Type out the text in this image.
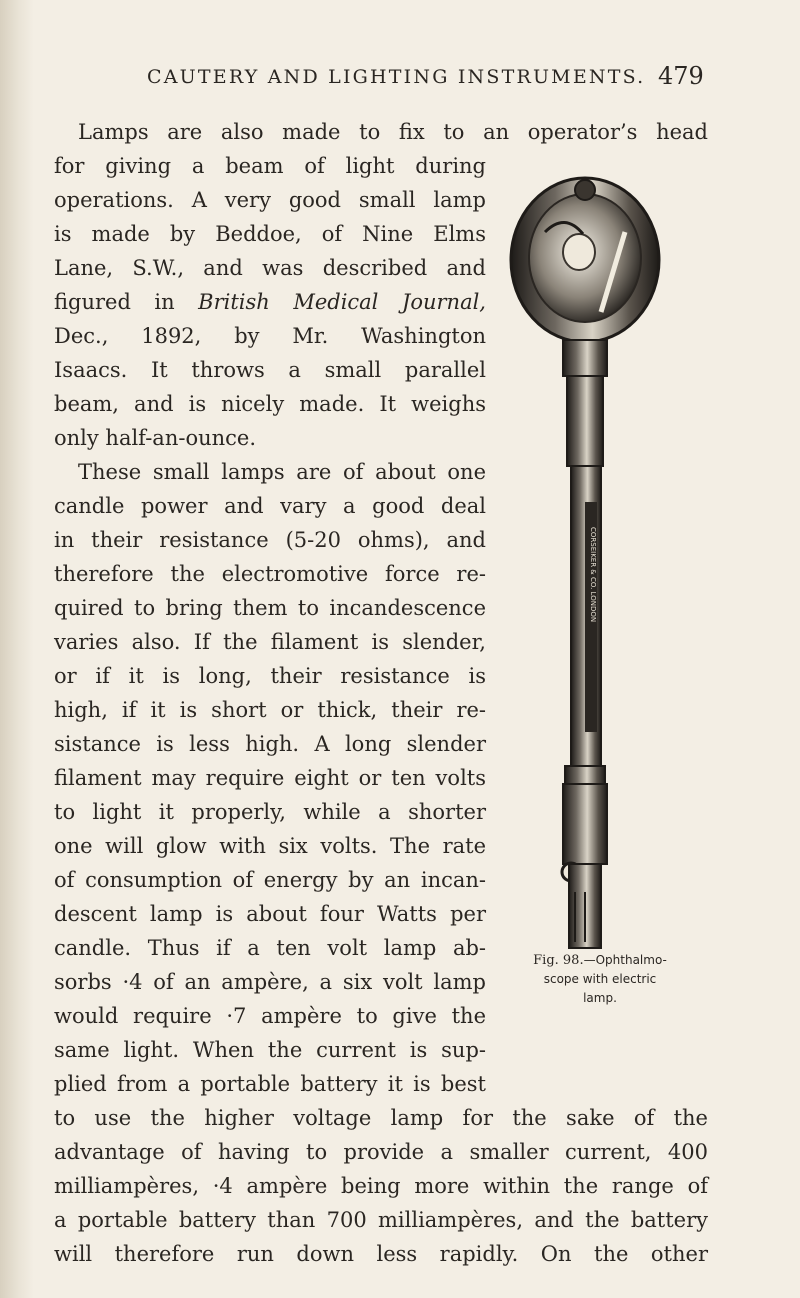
CAUTERY AND LIGHTING INSTRUMENTS. 479
Lamps are also made to fix to an operator’s head
for giving a beam of light during
operations. A very good small lamp
is made by Beddoe, of Nine Elms
Lane, S.W., and was described and
figured in British Medical Journal,
Dec., 1892, by Mr. Washington
Isaacs. It throws a small parallel
beam, and is nicely made. It weighs
only half-an-ounce.
These small lamps are of about one
candle power and vary a good deal
in their resistance (5-20 ohms), and
therefore the electromotive force re-
quired to bring them to incandescence
varies also. If the filament is slender,
or if it is long, their resistance is
high, if it is short or thick, their re-
sistance is less high. A long slender
filament may require eight or ten volts
to light it properly, while a shorter
one will glow with six volts. The rate
of consumption of energy by an incan-
descent lamp is about four Watts per
candle. Thus if a ten volt lamp ab-
sorbs ·4 of an ampère, a six volt lamp
would require ·7 ampère to give the
same light. When the current is sup-
plied from a portable battery it is best
to use the higher voltage lamp for the sake of the
advantage of having to provide a smaller current, 400
milliampères, ·4 ampère being more within the range of
a portable battery than 700 milliampères, and the battery
will therefore run down less rapidly. On the other
CORSEIKER & CO. LONDON
Fig. 98.—Ophthalmo-
scope with electric
lamp.
